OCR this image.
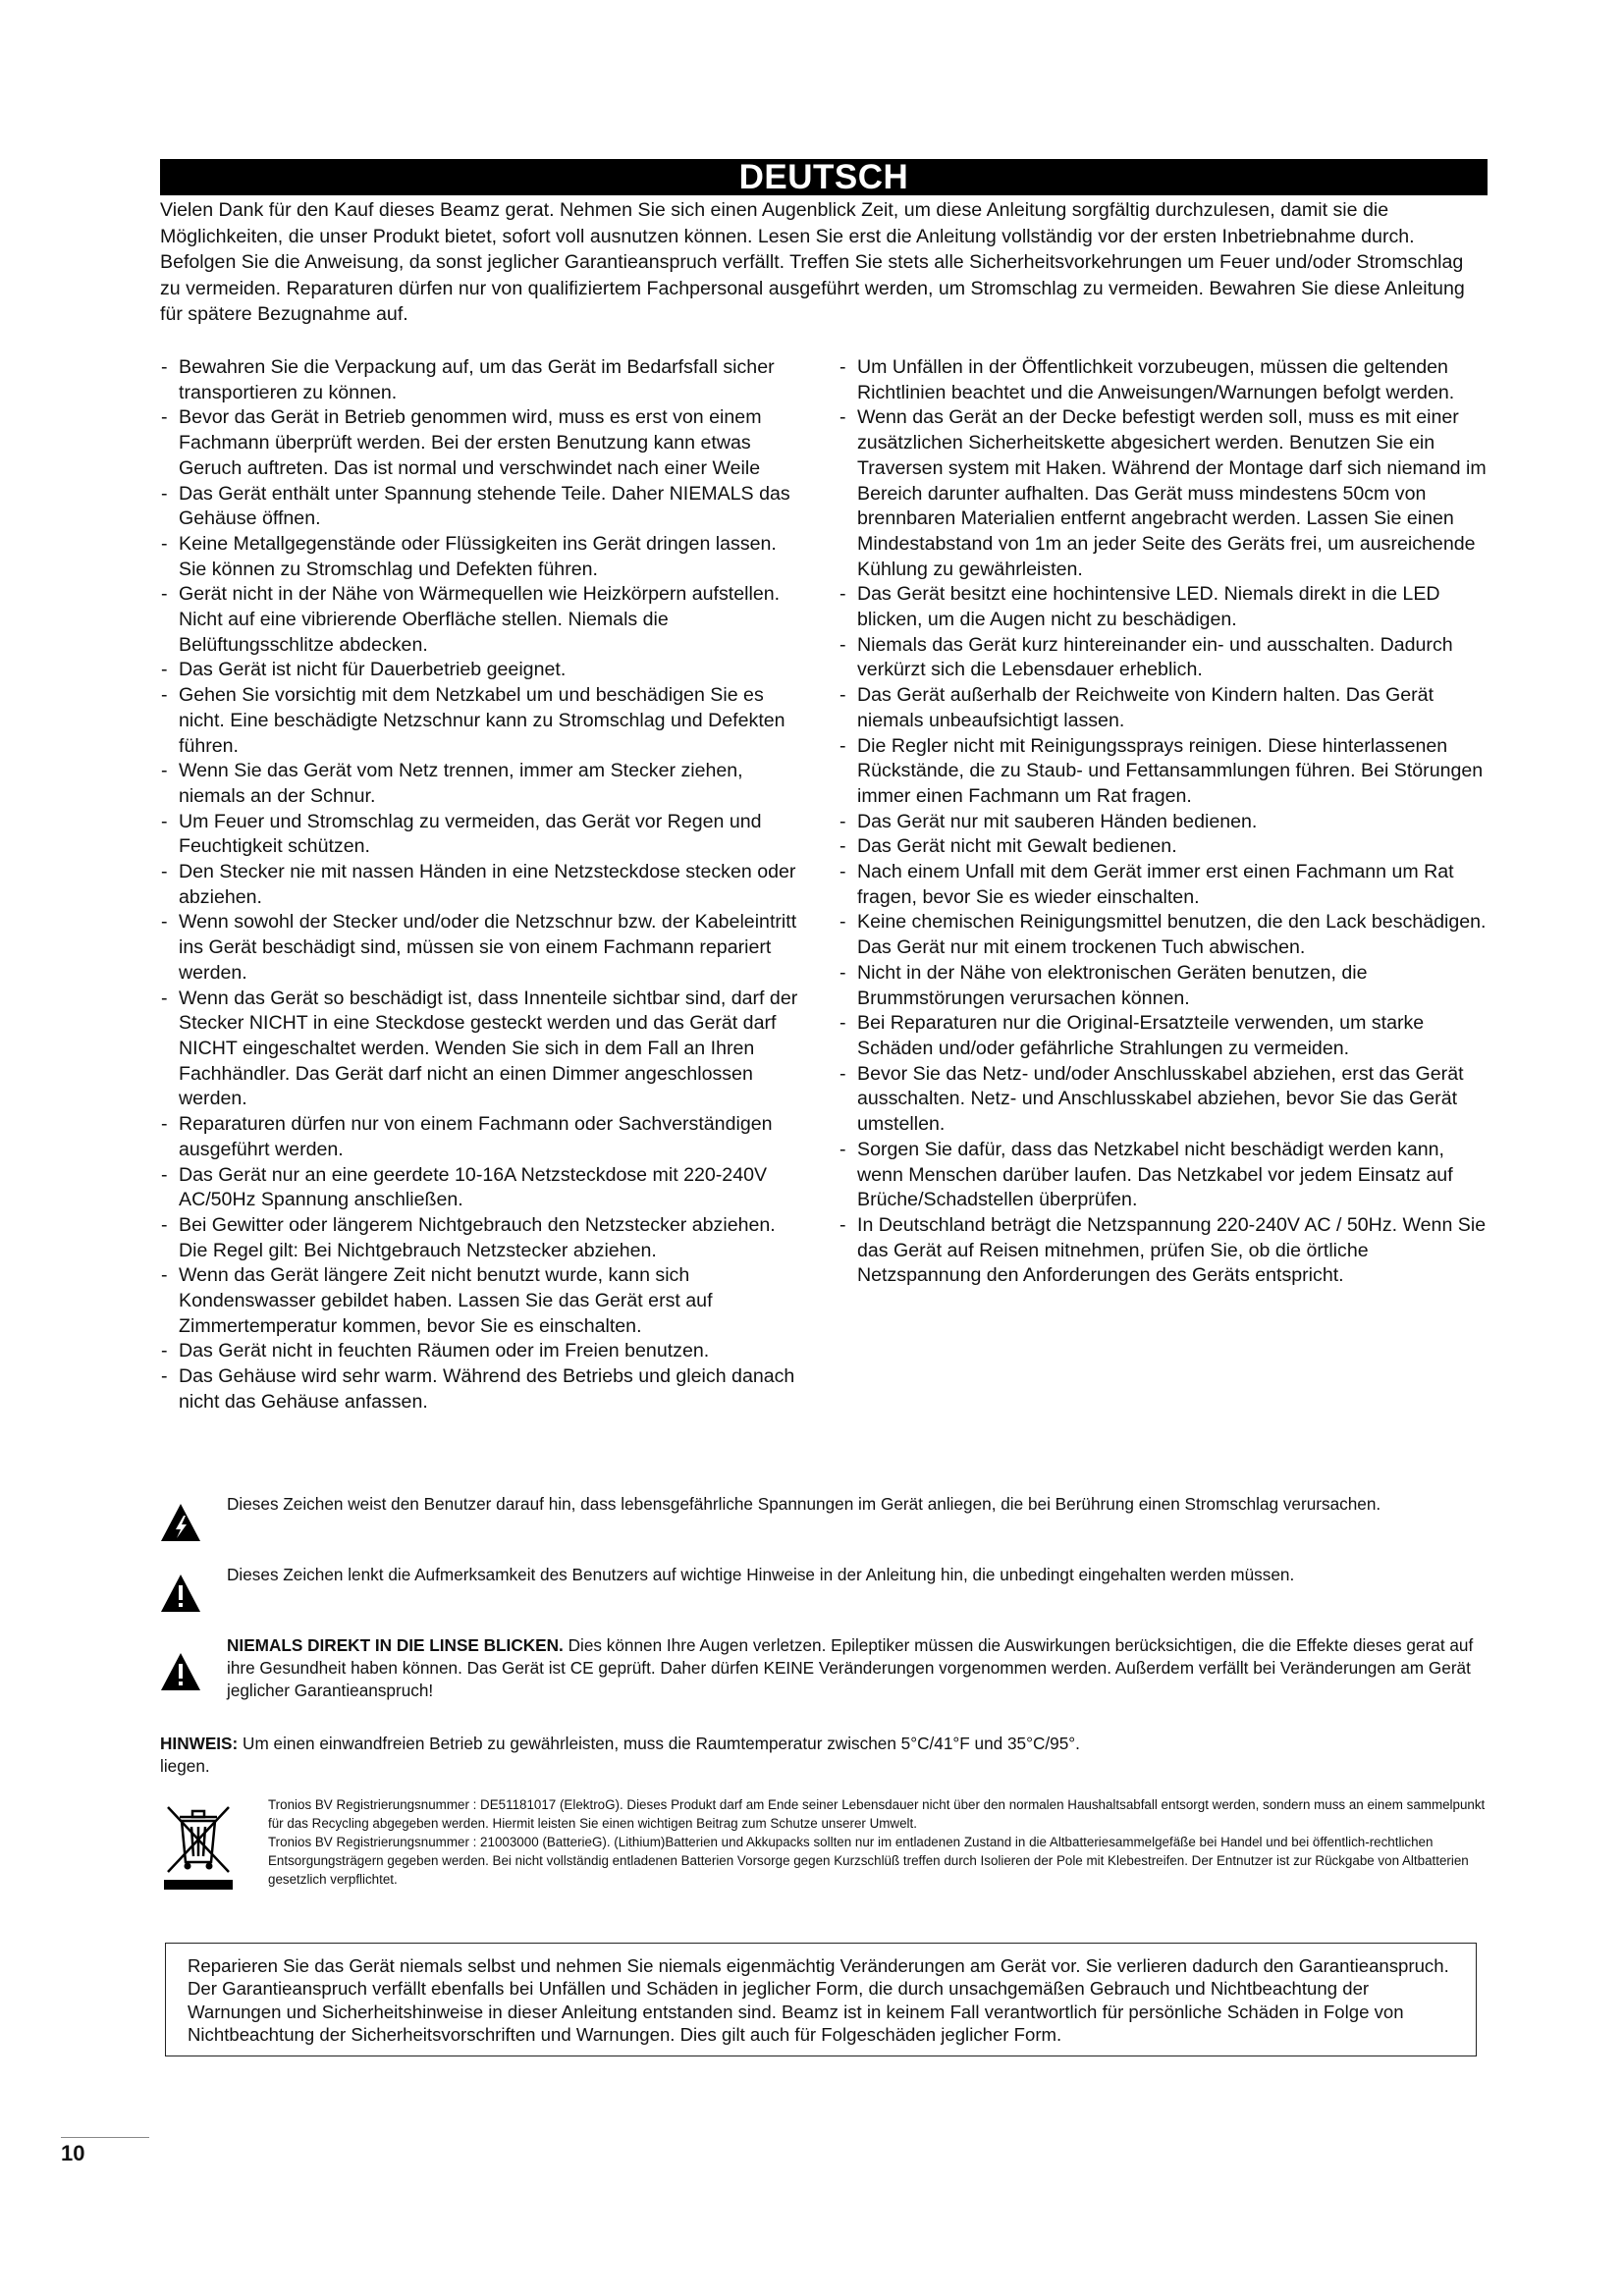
DEUTSCH

Vielen Dank für den Kauf dieses Beamz gerat. Nehmen Sie sich einen Augenblick Zeit, um diese Anleitung sorgfältig durchzulesen, damit sie die Möglichkeiten, die unser Produkt bietet, sofort voll ausnutzen können. Lesen Sie erst die Anleitung vollständig vor der ersten Inbetriebnahme durch. Befolgen Sie die Anweisung, da sonst jeglicher Garantieanspruch verfällt. Treffen Sie stets alle Sicherheitsvorkehrungen um Feuer und/oder Stromschlag zu vermeiden. Reparaturen dürfen nur von qualifiziertem Fachpersonal ausgeführt werden, um Stromschlag zu vermeiden. Bewahren Sie diese Anleitung für spätere Bezugnahme auf.

- Bewahren Sie die Verpackung auf, um das Gerät im Bedarfsfall sicher transportieren zu können.
- Bevor das Gerät in Betrieb genommen wird, muss es erst von einem Fachmann überprüft werden. Bei der ersten Benutzung kann etwas Geruch auftreten. Das ist normal und verschwindet nach einer Weile
- Das Gerät enthält unter Spannung stehende Teile. Daher NIEMALS das Gehäuse öffnen.
- Keine Metallgegenstände oder Flüssigkeiten ins Gerät dringen lassen. Sie können zu Stromschlag und Defekten führen.
- Gerät nicht in der Nähe von Wärmequellen wie Heizkörpern aufstellen. Nicht auf eine vibrierende Oberfläche stellen. Niemals die Belüftungsschlitze abdecken.
- Das Gerät ist nicht für Dauerbetrieb geeignet.
- Gehen Sie vorsichtig mit dem Netzkabel um und beschädigen Sie es nicht. Eine beschädigte Netzschnur kann zu Stromschlag und Defekten führen.
- Wenn Sie das Gerät vom Netz trennen, immer am Stecker ziehen, niemals an der Schnur.
- Um Feuer und Stromschlag zu vermeiden, das Gerät vor Regen und Feuchtigkeit schützen.
- Den Stecker nie mit nassen Händen in eine Netzsteckdose stecken oder abziehen.
- Wenn sowohl der Stecker und/oder die Netzschnur bzw. der Kabeleintritt ins Gerät beschädigt sind, müssen sie von einem Fachmann repariert werden.
- Wenn das Gerät so beschädigt ist, dass Innenteile sichtbar sind, darf der Stecker NICHT in eine Steckdose gesteckt werden und das Gerät darf NICHT eingeschaltet werden. Wenden Sie sich in dem Fall an Ihren Fachhändler. Das Gerät darf nicht an einen Dimmer angeschlossen werden.
- Reparaturen dürfen nur von einem Fachmann oder Sachverständigen ausgeführt werden.
- Das Gerät nur an eine geerdete 10-16A Netzsteckdose mit 220-240V AC/50Hz Spannung anschließen.
- Bei Gewitter oder längerem Nichtgebrauch den Netzstecker abziehen. Die Regel gilt: Bei Nichtgebrauch Netzstecker abziehen.
- Wenn das Gerät längere Zeit nicht benutzt wurde, kann sich Kondenswasser gebildet haben. Lassen Sie das Gerät erst auf Zimmertemperatur kommen, bevor Sie es einschalten.
- Das Gerät nicht in feuchten Räumen oder im Freien benutzen.
- Das Gehäuse wird sehr warm. Während des Betriebs und gleich danach nicht das Gehäuse anfassen.
- Um Unfällen in der Öffentlichkeit vorzubeugen, müssen die geltenden Richtlinien beachtet und die Anweisungen/Warnungen befolgt werden.
- Wenn das Gerät an der Decke befestigt werden soll, muss es mit einer zusätzlichen Sicherheitskette abgesichert werden. Benutzen Sie ein Traversen system mit Haken. Während der Montage darf sich niemand im Bereich darunter aufhalten. Das Gerät muss mindestens 50cm von brennbaren Materialien entfernt angebracht werden. Lassen Sie einen Mindestabstand von 1m an jeder Seite des Geräts frei, um ausreichende Kühlung zu gewährleisten.
- Das Gerät besitzt eine hochintensive LED. Niemals direkt in die LED blicken, um die Augen nicht zu beschädigen.
- Niemals das Gerät kurz hintereinander ein- und ausschalten. Dadurch verkürzt sich die Lebensdauer erheblich.
- Das Gerät außerhalb der Reichweite von Kindern halten. Das Gerät niemals unbeaufsichtigt lassen.
- Die Regler nicht mit Reinigungssprays reinigen. Diese hinterlassenen Rückstände, die zu Staub- und Fettansammlungen führen. Bei Störungen immer einen Fachmann um Rat fragen.
- Das Gerät nur mit sauberen Händen bedienen.
- Das Gerät nicht mit Gewalt bedienen.
- Nach einem Unfall mit dem Gerät immer erst einen Fachmann um Rat fragen, bevor Sie es wieder einschalten.
- Keine chemischen Reinigungsmittel benutzen, die den Lack beschädigen. Das Gerät nur mit einem trockenen Tuch abwischen.
- Nicht in der Nähe von elektronischen Geräten benutzen, die Brummstörungen verursachen können.
- Bei Reparaturen nur die Original-Ersatzteile verwenden, um starke Schäden und/oder gefährliche Strahlungen zu vermeiden.
- Bevor Sie das Netz- und/oder Anschlusskabel abziehen, erst das Gerät ausschalten. Netz- und Anschlusskabel abziehen, bevor Sie das Gerät umstellen.
- Sorgen Sie dafür, dass das Netzkabel nicht beschädigt werden kann, wenn Menschen darüber laufen. Das Netzkabel vor jedem Einsatz auf Brüche/Schadstellen überprüfen.
- In Deutschland beträgt die Netzspannung 220-240V AC / 50Hz. Wenn Sie das Gerät auf Reisen mitnehmen, prüfen Sie, ob die örtliche Netzspannung den Anforderungen des Geräts entspricht.
Dieses Zeichen weist den Benutzer darauf hin, dass lebensgefährliche Spannungen im Gerät anliegen, die bei Berührung einen Stromschlag verursachen.
Dieses Zeichen lenkt die Aufmerksamkeit des Benutzers auf wichtige Hinweise in der Anleitung hin, die unbedingt eingehalten werden müssen.
NIEMALS DIREKT IN DIE LINSE BLICKEN. Dies können Ihre Augen verletzen. Epileptiker müssen die Auswirkungen berücksichtigen, die die Effekte dieses gerat auf ihre Gesundheit haben können. Das Gerät ist CE geprüft. Daher dürfen KEINE Veränderungen vorgenommen werden. Außerdem verfällt bei Veränderungen am Gerät jeglicher Garantieanspruch!
HINWEIS: Um einen einwandfreien Betrieb zu gewährleisten, muss die Raumtemperatur zwischen 5°C/41°F und 35°C/95°.
liegen.
Tronios BV Registrierungsnummer : DE51181017 (ElektroG). Dieses Produkt darf am Ende seiner Lebensdauer nicht über den normalen Haushaltsabfall entsorgt werden, sondern muss an einem sammelpunkt für das Recycling abgegeben werden. Hiermit leisten Sie einen wichtigen Beitrag zum Schutze unserer Umwelt.
Tronios BV Registrierungsnummer : 21003000 (BatterieG). (Lithium)Batterien und Akkupacks sollten nur im entladenen Zustand in die Altbatteriesammelgefäße bei Handel und bei öffentlich-rechtlichen Entsorgungsträgern gegeben werden. Bei nicht vollständig entladenen Batterien Vorsorge gegen Kurzschlüß treffen durch Isolieren der Pole mit Klebestreifen. Der Entnutzer ist zur Rückgabe von Altbatterien gesetzlich verpflichtet.
Reparieren Sie das Gerät niemals selbst und nehmen Sie niemals eigenmächtig Veränderungen am Gerät vor. Sie verlieren dadurch den Garantieanspruch. Der Garantieanspruch verfällt ebenfalls bei Unfällen und Schäden in jeglicher Form, die durch unsachgemäßen Gebrauch und Nichtbeachtung der Warnungen und Sicherheitshinweise in dieser Anleitung entstanden sind. Beamz ist in keinem Fall verantwortlich für persönliche Schäden in Folge von Nichtbeachtung der Sicherheitsvorschriften und Warnungen. Dies gilt auch für Folgeschäden jeglicher Form.
10
